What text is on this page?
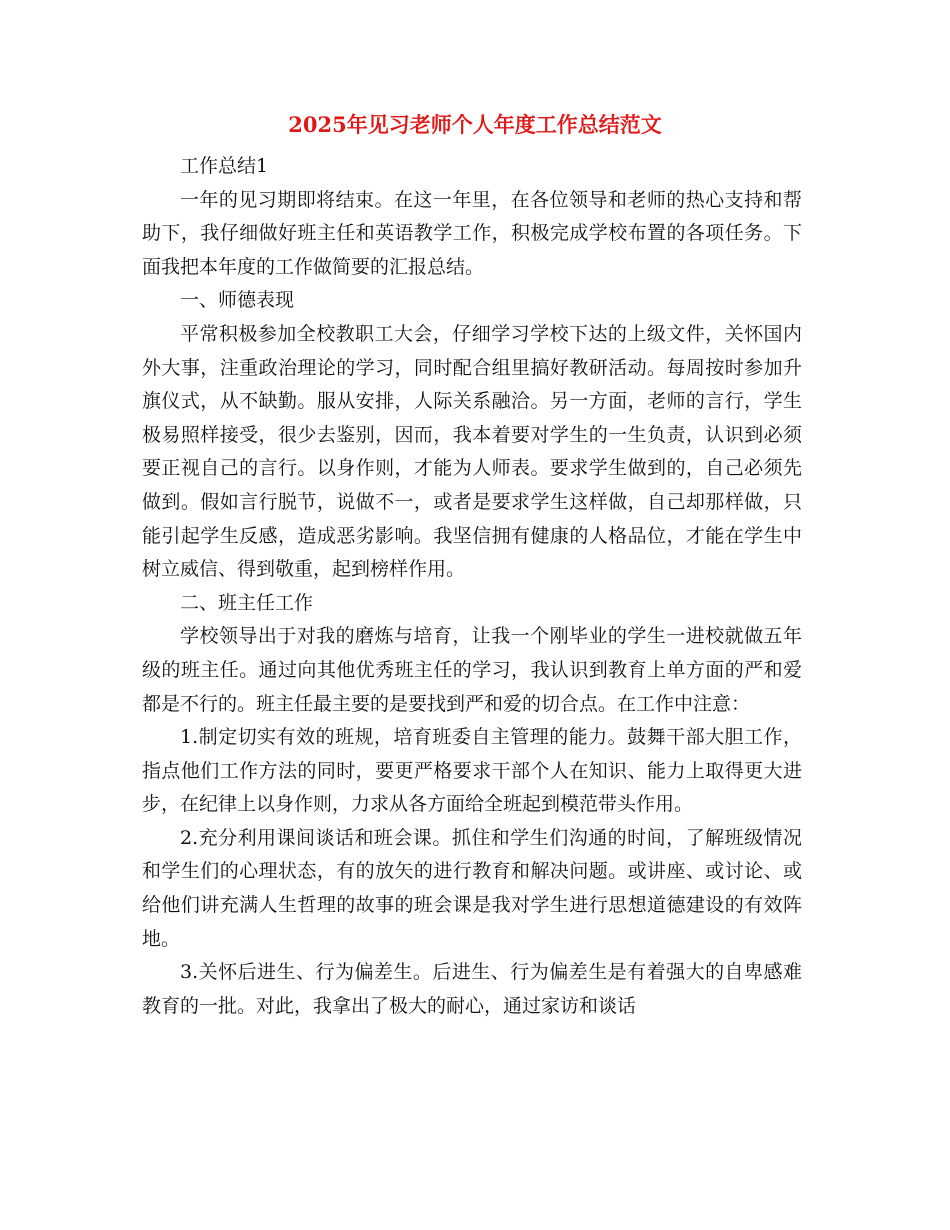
2025年见习老师个人年度工作总结范文

工作总结1

一年的见习期即将结束。在这一年里，在各位领导和老师的热心支持和帮助下，我仔细做好班主任和英语教学工作，积极完成学校布置的各项任务。下面我把本年度的工作做简要的汇报总结。

一、师德表现

平常积极参加全校教职工大会，仔细学习学校下达的上级文件，关怀国内外大事，注重政治理论的学习，同时配合组里搞好教研活动。每周按时参加升旗仪式，从不缺勤。服从安排，人际关系融洽。另一方面，老师的言行，学生极易照样接受，很少去鉴别，因而，我本着要对学生的一生负责，认识到必须要正视自己的言行。以身作则，才能为人师表。要求学生做到的，自己必须先做到。假如言行脱节，说做不一，或者是要求学生这样做，自己却那样做，只能引起学生反感，造成恶劣影响。我坚信拥有健康的人格品位，才能在学生中树立威信、得到敬重，起到榜样作用。

二、班主任工作

学校领导出于对我的磨炼与培育，让我一个刚毕业的学生一进校就做五年级的班主任。通过向其他优秀班主任的学习，我认识到教育上单方面的严和爱都是不行的。班主任最主要的是要找到严和爱的切合点。在工作中注意：

1.制定切实有效的班规，培育班委自主管理的能力。鼓舞干部大胆工作，指点他们工作方法的同时，要更严格要求干部个人在知识、能力上取得更大进步，在纪律上以身作则，力求从各方面给全班起到模范带头作用。

2.充分利用课间谈话和班会课。抓住和学生们沟通的时间，了解班级情况和学生们的心理状态，有的放矢的进行教育和解决问题。或讲座、或讨论、或给他们讲充满人生哲理的故事的班会课是我对学生进行思想道德建设的有效阵地。

3.关怀后进生、行为偏差生。后进生、行为偏差生是有着强大的自卑感难教育的一批。对此，我拿出了极大的耐心，通过家访和谈话
